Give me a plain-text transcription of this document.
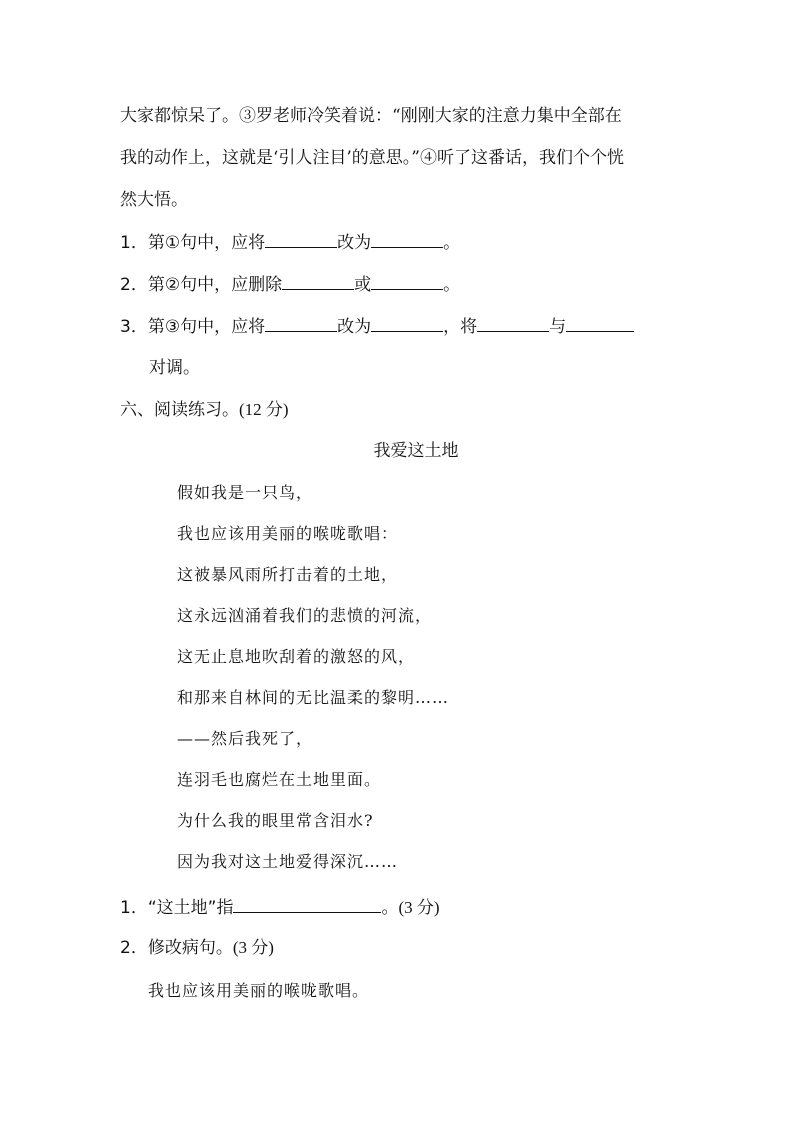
大家都惊呆了。③罗老师冷笑着说：“刚刚大家的注意力集中全部在
我的动作上，这就是‘引人注目’的意思。”④听了这番话，我们个个恍
然大悟。
1．第①句中，应将	改为	。
2．第②句中，应删除	或	。
3．第③句中，应将	改为	，将	与
对调。
六、阅读练习。(12 分)
我爱这土地
假如我是一只鸟，
我也应该用美丽的喉咙歌唱：
这被暴风雨所打击着的土地，
这永远汹涌着我们的悲愤的河流，
这无止息地吹刮着的激怒的风，
和那来自林间的无比温柔的黎明……
——然后我死了，
连羽毛也腐烂在土地里面。
为什么我的眼里常含泪水?
因为我对这土地爱得深沉……
1．“这土地”指	。(3 分)
2．修改病句。(3 分)
我也应该用美丽的喉咙歌唱。
